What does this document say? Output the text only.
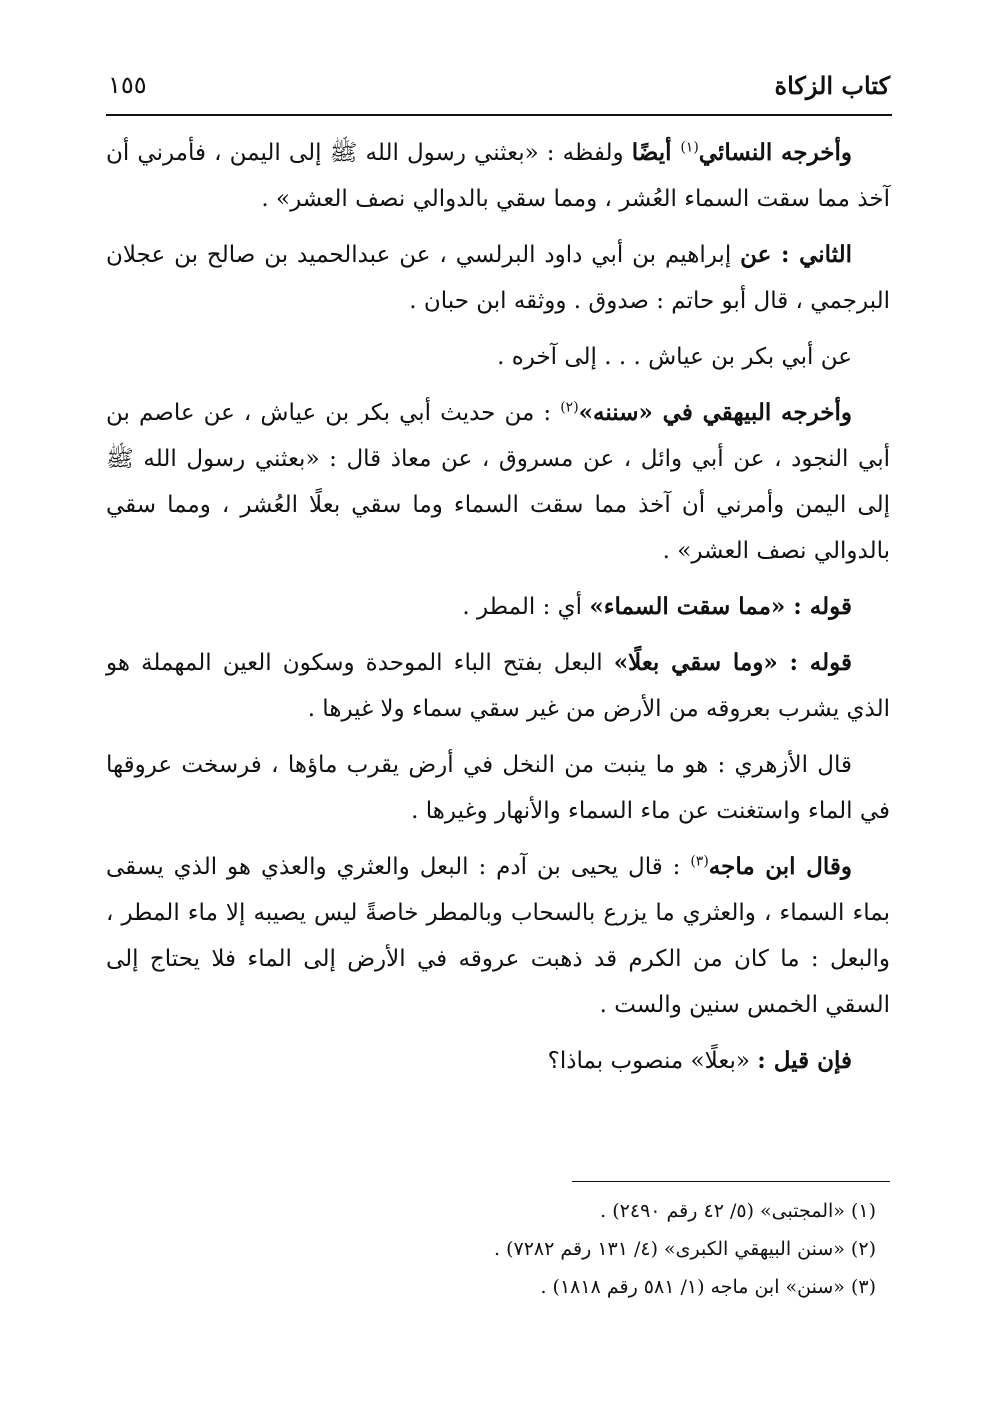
كتاب الزكاة
١٥٥

وأخرجه النسائي$^{(١)}$ أيضًا ولفظه : «بعثني رسول الله ﷺ إلى اليمن ، فأمرني أن آخذ مما سقت السماء العُشر ، ومما سقي بالدوالي نصف العشر» .

الثاني : عن إبراهيم بن أبي داود البرلسي ، عن عبدالحميد بن صالح بن عجلان البرجمي ، قال أبو حاتم : صدوق . ووثقه ابن حبان .

عن أبي بكر بن عياش . . . إلى آخره .

وأخرجه البيهقي في «سننه»$^{(٢)}$ : من حديث أبي بكر بن عياش ، عن عاصم بن أبي النجود ، عن أبي وائل ، عن مسروق ، عن معاذ قال : «بعثني رسول الله ﷺ إلى اليمن وأمرني أن آخذ مما سقت السماء وما سقي بعلًا العُشر ، ومما سقي بالدوالي نصف العشر» .

قوله : «مما سقت السماء» أي : المطر .

قوله : «وما سقي بعلًا» البعل بفتح الباء الموحدة وسكون العين المهملة هو الذي يشرب بعروقه من الأرض من غير سقي سماء ولا غيرها .

قال الأزهري : هو ما ينبت من النخل في أرض يقرب ماؤها ، فرسخت عروقها في الماء واستغنت عن ماء السماء والأنهار وغيرها .

وقال ابن ماجه$^{(٣)}$ : قال يحيى بن آدم : البعل والعثري والعذي هو الذي يسقى بماء السماء ، والعثري ما يزرع بالسحاب وبالمطر خاصةً ليس يصيبه إلا ماء المطر ، والبعل : ما كان من الكرم قد ذهبت عروقه في الأرض إلى الماء فلا يحتاج إلى السقي الخمس سنين والست .

فإن قيل : «بعلًا» منصوب بماذا؟

(١) «المجتبى» (٥/ ٤٢ رقم ٢٤٩٠) .
(٢) «سنن البيهقي الكبرى» (٤/ ١٣١ رقم ٧٢٨٢) .
(٣) «سنن» ابن ماجه (١/ ٥٨١ رقم ١٨١٨) .
